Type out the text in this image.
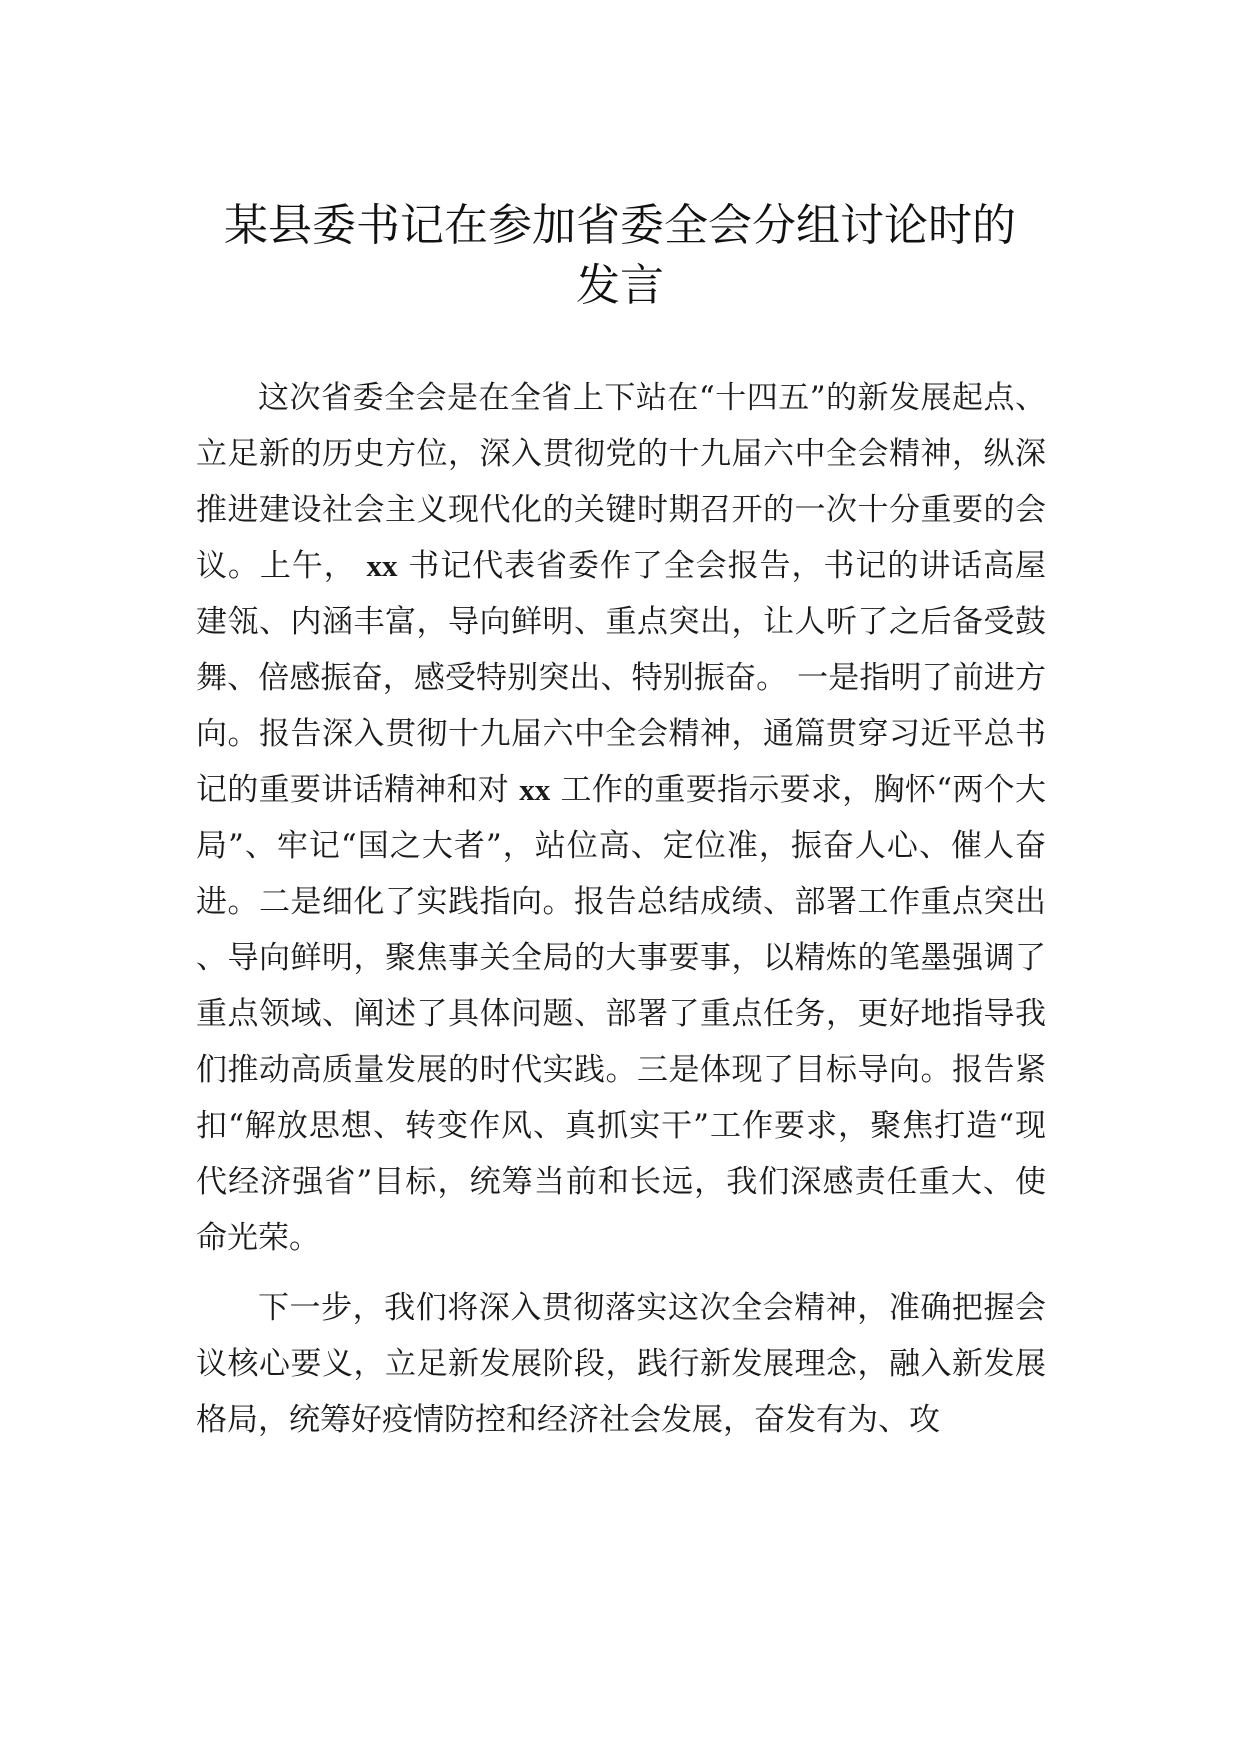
某县委书记在参加省委全会分组讨论时的
发言

这次省委全会是在全省上下站在“十四五”的新发展起点、立足新的历史方位，深入贯彻党的十九届六中全会精神，纵深推进建设社会主义现代化的关键时期召开的一次十分重要的会议。上午， xx 书记代表省委作了全会报告，书记的讲话高屋建瓴、内涵丰富，导向鲜明、重点突出，让人听了之后备受鼓舞、倍感振奋，感受特别突出、特别振奋。 一是指明了前进方向。报告深入贯彻十九届六中全会精神，通篇贯穿习近平总书记的重要讲话精神和对 xx 工作的重要指示要求，胸怀“两个大局”、牢记“国之大者”，站位高、定位准，振奋人心、催人奋进。二是细化了实践指向。报告总结成绩、部署工作重点突出、导向鲜明，聚焦事关全局的大事要事，以精炼的笔墨强调了重点领域、阐述了具体问题、部署了重点任务，更好地指导我们推动高质量发展的时代实践。三是体现了目标导向。报告紧扣“解放思想、转变作风、真抓实干”工作要求，聚焦打造“现代经济强省”目标，统筹当前和长远，我们深感责任重大、使命光荣。

下一步，我们将深入贯彻落实这次全会精神，准确把握会议核心要义，立足新发展阶段，践行新发展理念，融入新发展格局，统筹好疫情防控和经济社会发展，奋发有为、攻
